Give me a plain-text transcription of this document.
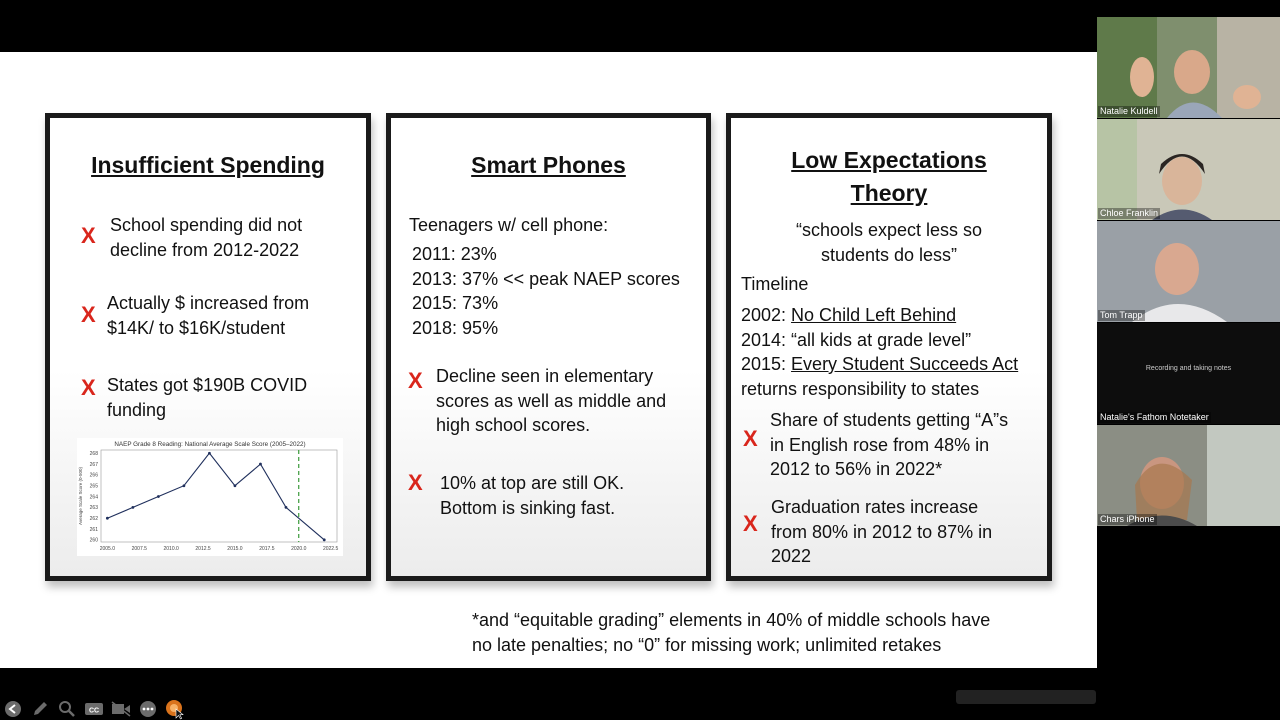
Insufficient Spending
X School spending did not
decline from 2012-2022
X Actually $ increased from
$14K/ to $16K/student
X States got $190B COVID
funding
NAEP Grade 8 Reading: National Average Scale Score (2005–2022)
Average Scale Score (0-500)
260
261
262
263
264
265
266
267
268
2005.0	2007.5	2010.0	2012.5	2015.0	2017.5	2020.0	2022.5
Smart Phones
Teenagers w/ cell phone:
2011: 23%
2013: 37% << peak NAEP scores
2015: 73%
2018: 95%
X Decline seen in elementary
scores as well as middle and
high school scores.
X 10% at top are still OK.
Bottom is sinking fast.
Low Expectations
Theory
“schools expect less so
students do less”
Timeline
2002: No Child Left Behind
2014: “all kids at grade level”
2015: Every Student Succeeds Act
returns responsibility to states
X
Share of students getting “A”s
in English rose from 48% in
2012 to 56% in 2022*
X
Graduation rates increase
from 80% in 2012 to 87% in
2022
*and “equitable grading” elements in 40% of middle schools have
no late penalties; no “0” for missing work; unlimited retakes
CC
Natalie Kuldell
Chloe Franklin
Tom Trapp
Recording and taking notes
Natalie's Fathom Notetaker
Chars iPhone
